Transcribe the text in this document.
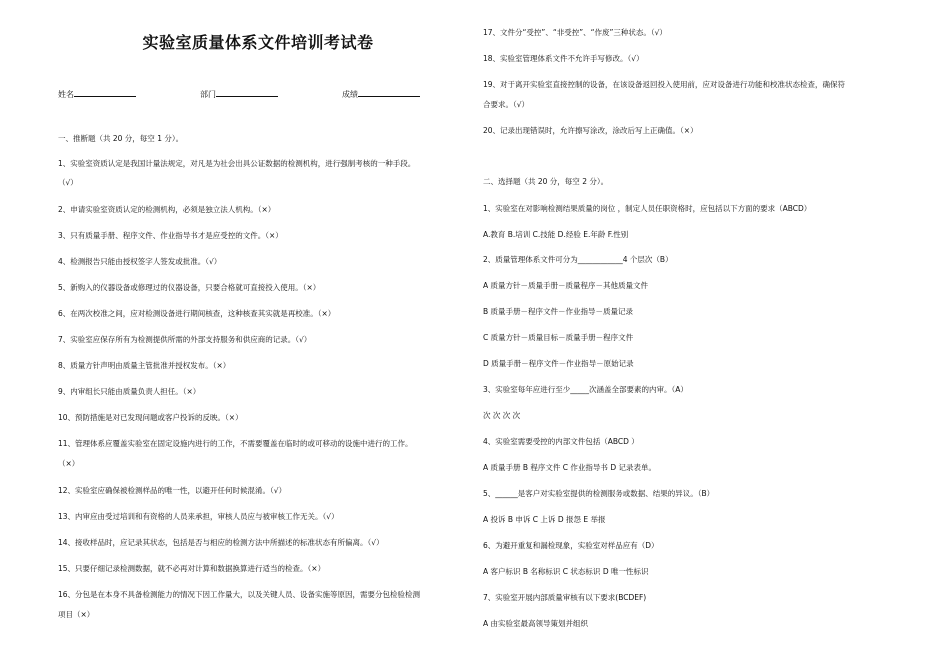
实验室质量体系文件培训考试卷
姓名	部门	成绩
一、推断题（共 20 分，每空 1 分）。
1、实验室资质认定是我国计量法规定，对凡是为社会出具公证数据的检测机构，进行强制考核的一种手段。
（√）
2、申请实验室资质认定的检测机构，必须是独立法人机构。（×）
3、只有质量手册、程序文件、作业指导书才是应受控的文件。（×）
4、检测报告只能由授权签字人签发或批准。（√）
5、新购入的仪器设备或修理过的仪器设备，只要合格就可直接投入使用。（×）
6、在两次校准之间，应对检测设备进行期间核查，这种核查其实就是再校准。（×）
7、实验室应保存所有为检测提供所需的外部支持服务和供应商的记录。（√）
8、质量方针声明由质量主管批准并授权发布。（×）
9、内审组长只能由质量负责人担任。（×）
10、预防措施是对已发现问题或客户投诉的反映。（×）
11、管理体系应覆盖实验室在固定设施内进行的工作，不需要覆盖在临时的或可移动的设施中进行的工作。
（×）
12、实验室应确保被检测样品的唯一性，以避开任何时候混淆。（√）
13、内审应由受过培训和有资格的人员来承担，审核人员应与被审核工作无关。（√）
14、接收样品时，应记录其状态，包括是否与相应的检测方法中所描述的标准状态有所偏离。（√）
15、只要仔细记录检测数据，就不必再对计算和数据换算进行适当的检查。（×）
16、分包是在本身不具备检测能力的情况下因工作量大，以及关键人员、设备实施等原因，需要分包检验检测
项目（×）
17、文件分“受控”、“非受控”、“作废”三种状态。（√）
18、实验室管理体系文件不允许手写修改。（√）
19、对于离开实验室直接控制的设备，在该设备返回投入使用前，应对设备进行功能和校准状态检查，确保符
合要求。（√）
20、记录出现错误时，允许擦写涂改，涂改后写上正确值。（×）
二、选择题（共 20 分，每空 2 分）。
1、实验室在对影响检测结果质量的岗位 ，制定人员任职资格时，应包括以下方面的要求（ABCD）
A.教育 B.培训 C.技能 D.经验 E.年龄 F.性别
2、质量管理体系文件可分为____________4 个层次（B）
A 质量方针－质量手册－质量程序－其他质量文件
B 质量手册－程序文件－作业指导－质量记录
C 质量方针－质量目标－质量手册－程序文件
D 质量手册－程序文件－作业指导－原始记录
3、实验室每年应进行至少_____次涵盖全部要素的内审。（A）
次 次 次 次
4、实验室需要受控的内部文件包括（ABCD ）
A 质量手册 B 程序文件 C 作业指导书 D 记录表单。
5、______是客户对实验室提供的检测服务或数据、结果的异议。（B）
A 投诉 B 申诉 C 上诉 D 报怨 E 举报
6、为避开重复和漏检现象，实验室对样品应有（D）
A 客户标识 B 名称标识 C 状态标识 D 唯一性标识
7、实验室开展内部质量审核有以下要求(BCDEF)
A 由实验室最高领导策划并组织
